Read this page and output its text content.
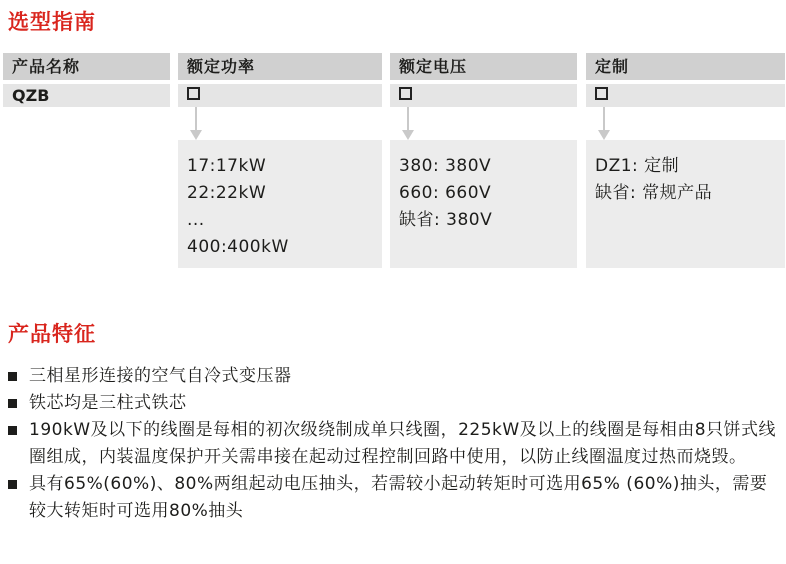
选型指南
产品名称
QZB
额定功率
17:17kW
22:22kW
...
400:400kW
额定电压
380: 380V
660: 660V
缺省: 380V
定制
DZ1: 定制
缺省: 常规产品
产品特征
三相星形连接的空气自冷式变压器
铁芯均是三柱式铁芯
190kW及以下的线圈是每相的初次级绕制成单只线圈，225kW及以上的线圈是每相由8只饼式线圈组成，内装温度保护开关需串接在起动过程控制回路中使用，以防止线圈温度过热而烧毁。
具有65%(60%)、80%两组起动电压抽头，若需较小起动转矩时可选用65% (60%)抽头，需要较大转矩时可选用80%抽头
